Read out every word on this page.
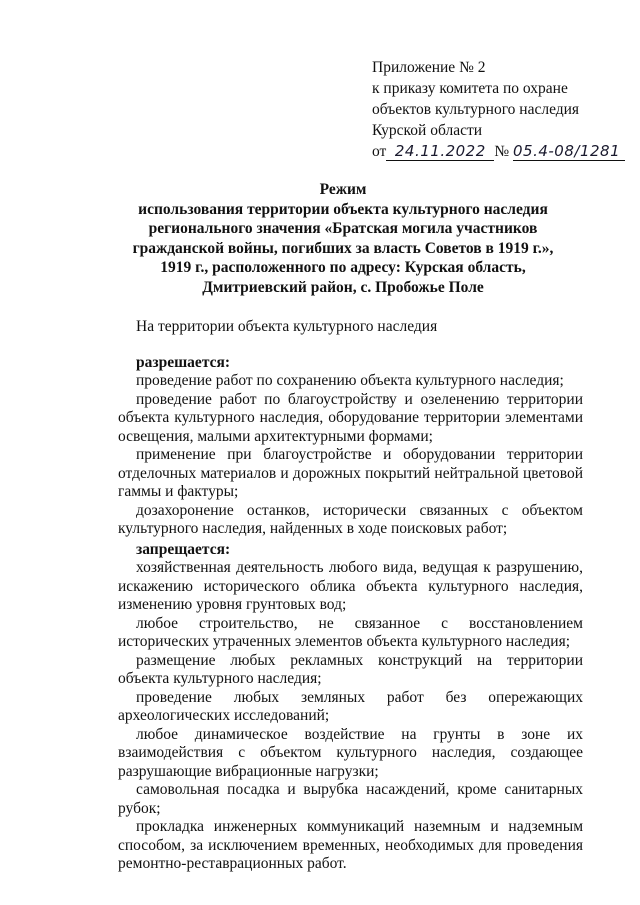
Приложение № 2
к приказу комитета по охране
объектов культурного наследия
Курской области
от 24.11.2022 № 05.4-08/1281
Режим
использования территории объекта культурного наследия
регионального значения «Братская могила участников
гражданской войны, погибших за власть Советов в 1919 г.»,
1919 г., расположенного по адресу: Курская область,
Дмитриевский район, с. Пробожье Поле
На территории объекта культурного наследия
разрешается:
проведение работ по сохранению объекта культурного наследия;
проведение работ по благоустройству и озеленению территории объекта культурного наследия, оборудование территории элементами освещения, малыми архитектурными формами;
применение при благоустройстве и оборудовании территории отделочных материалов и дорожных покрытий нейтральной цветовой гаммы и фактуры;
дозахоронение останков, исторически связанных с объектом культурного наследия, найденных в ходе поисковых работ;
запрещается:
хозяйственная деятельность любого вида, ведущая к разрушению, искажению исторического облика объекта культурного наследия, изменению уровня грунтовых вод;
любое строительство, не связанное с восстановлением исторических утраченных элементов объекта культурного наследия;
размещение любых рекламных конструкций на территории объекта культурного наследия;
проведение любых земляных работ без опережающих археологических исследований;
любое динамическое воздействие на грунты в зоне их взаимодействия с объектом культурного наследия, создающее разрушающие вибрационные нагрузки;
самовольная посадка и вырубка насаждений, кроме санитарных рубок;
прокладка инженерных коммуникаций наземным и надземным способом, за исключением временных, необходимых для проведения ремонтно-реставрационных работ.
